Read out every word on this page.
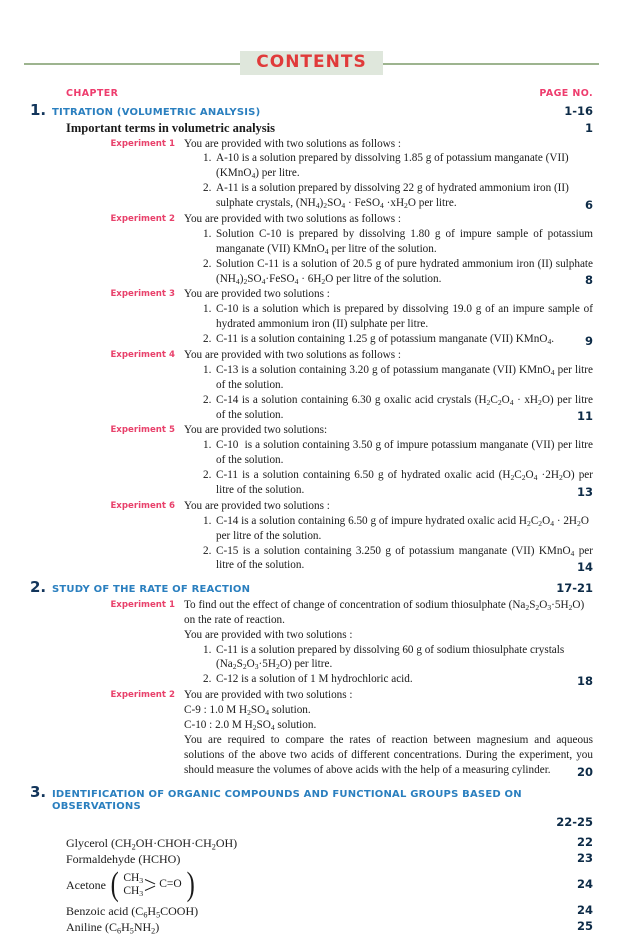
CONTENTS
CHAPTER	PAGE NO.
1. TITRATION (VOLUMETRIC ANALYSIS)	1-16
Important terms in volumetric analysis	1
Experiment 1 You are provided with two solutions as follows :
1. A-10 is a solution prepared by dissolving 1.85 g of potassium manganate (VII) (KMnO$_4$) per litre.
2. A-11 is a solution prepared by dissolving 22 g of hydrated ammonium iron (II) sulphate crystals, $(NH_4)_2SO_4$ · FeSO$_4$ $\cdot xH_2O$ per litre.	6
Experiment 2 You are provided with two solutions as follows :
1. Solution C-10 is prepared by dissolving 1.80 g of impure sample of potassium manganate (VII) KMnO$_4$ per litre of the solution.
2. Solution C-11 is a solution of 20.5 g of pure hydrated ammonium iron (II) sulphate $(NH_4)_2SO_4\cdot FeSO_4 \cdot 6H_2O$ per litre of the solution.	8
Experiment 3 You are provided two solutions :
1. C-10 is a solution which is prepared by dissolving 19.0 g of an impure sample of hydrated ammonium iron (II) sulphate per litre.
2. C-11 is a solution containing 1.25 g of potassium manganate (VII) KMnO$_4$.	9
Experiment 4 You are provided with two solutions as follows :
1. C-13 is a solution containing 3.20 g of potassium manganate (VII) KMnO$_4$ per litre of the solution.
2. C-14 is a solution containing 6.30 g oxalic acid crystals $(H_2C_2O_4 \cdot xH_2O)$ per litre of the solution.	11
Experiment 5 You are provided two solutions:
1. C-10  is a solution containing 3.50 g of impure potassium manganate (VII) per litre of the solution.
2. C-11 is a solution containing 6.50 g of hydrated oxalic acid $(H_2C_2O_4 \cdot 2H_2O)$ per litre of the solution.	13
Experiment 6 You are provided two solutions :
1. C-14 is a solution containing 6.50 g of impure hydrated oxalic acid $H_2C_2O_4 \cdot 2H_2O$ per litre of the solution.
2. C-15 is a solution containing 3.250 g of potassium manganate (VII) KMnO$_4$ per litre of the solution.	14
2. STUDY OF THE RATE OF REACTION	17-21
Experiment 1 To find out the effect of change of concentration of sodium thiosulphate $(Na_2S_2O_3\cdot 5H_2O)$ on the rate of reaction.
You are provided with two solutions :
1. C-11 is a solution prepared by dissolving 60 g of sodium thiosulphate crystals $(Na_2S_2O_3\cdot 5H_2O)$ per litre.
2. C-12 is a solution of 1 M hydrochloric acid.	18
Experiment 2 You are provided with two solutions :
C-9 : 1.0 M $H_2SO_4$ solution.
C-10 : 2.0 M $H_2SO_4$ solution.
You are required to compare the rates of reaction between magnesium and aqueous solutions of the above two acids of different concentrations. During the experiment, you should measure the volumes of above acids with the help of a measuring cylinder.	20
3. IDENTIFICATION OF ORGANIC COMPOUNDS AND FUNCTIONAL GROUPS BASED ON OBSERVATIONS
22-25
Glycerol $(CH_2OH\cdot CHOH\cdot CH_2OH)$	22
Formaldehyde (HCHO)	23
Acetone ( $CH_3$
$CH_3$
C=O )	24
Benzoic acid $(C_6H_5COOH)$	24
Aniline $(C_6H_5NH_2)$	25
